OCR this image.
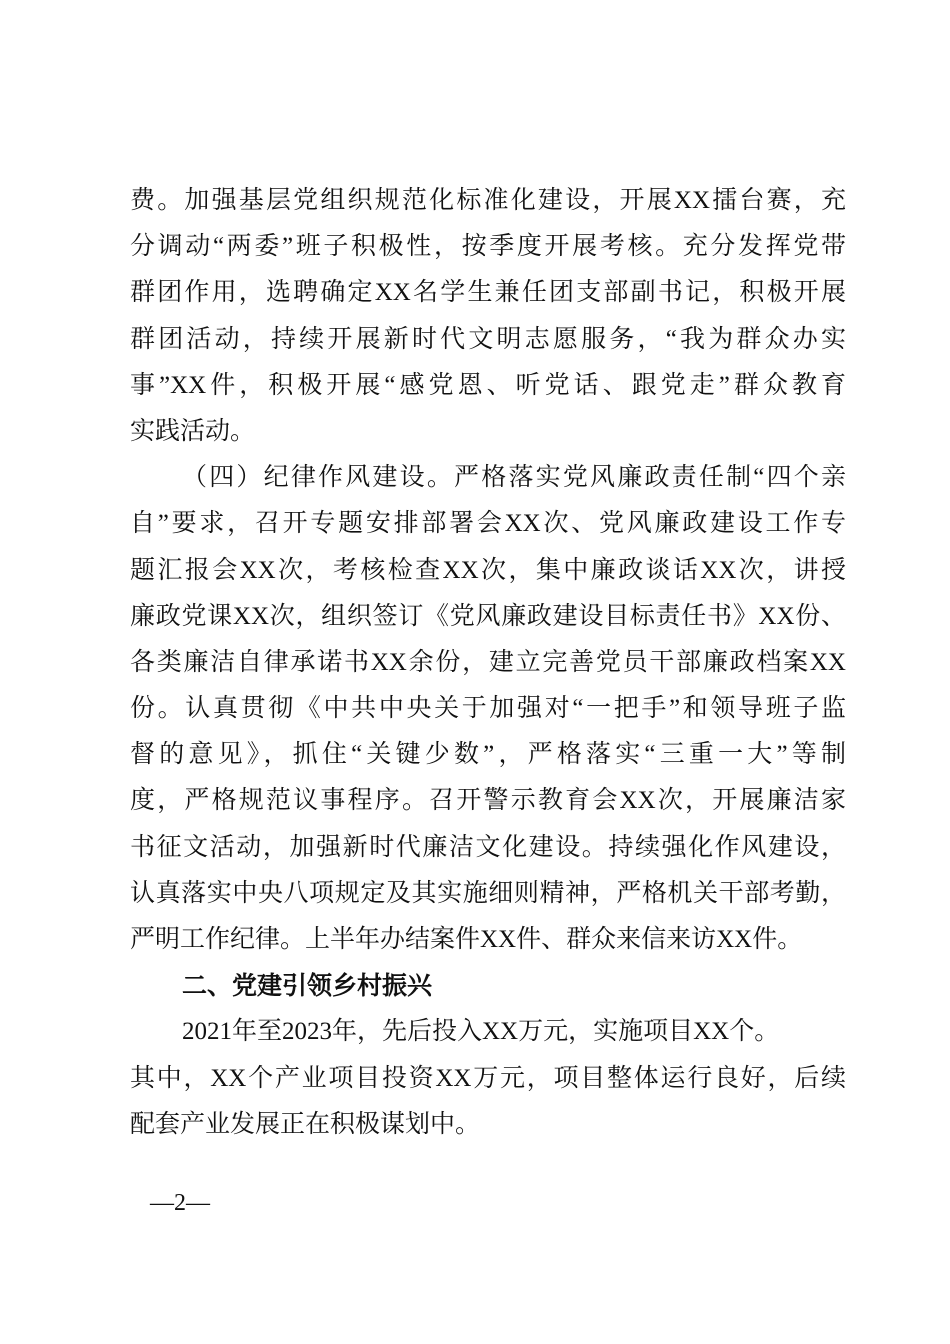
费。加强基层党组织规范化标准化建设，开展XX擂台赛，充
分调动“两委”班子积极性，按季度开展考核。充分发挥党带
群团作用，选聘确定XX名学生兼任团支部副书记，积极开展
群团活动，持续开展新时代文明志愿服务，“我为群众办实
事”XX件，积极开展“感党恩、听党话、跟党走”群众教育
实践活动。
（四）纪律作风建设。严格落实党风廉政责任制“四个亲
自”要求，召开专题安排部署会XX次、党风廉政建设工作专
题汇报会XX次，考核检查XX次，集中廉政谈话XX次，讲授
廉政党课XX次，组织签订《党风廉政建设目标责任书》XX份、
各类廉洁自律承诺书XX余份，建立完善党员干部廉政档案XX
份。认真贯彻《中共中央关于加强对“一把手”和领导班子监
督的意见》，抓住“关键少数”，严格落实“三重一大”等制
度，严格规范议事程序。召开警示教育会XX次，开展廉洁家
书征文活动，加强新时代廉洁文化建设。持续强化作风建设，
认真落实中央八项规定及其实施细则精神，严格机关干部考勤，
严明工作纪律。上半年办结案件XX件、群众来信来访XX件。
二、党建引领乡村振兴
2021年至2023年，先后投入XX万元，实施项目XX个。
其中，XX个产业项目投资XX万元，项目整体运行良好，后续
配套产业发展正在积极谋划中。
—2—
